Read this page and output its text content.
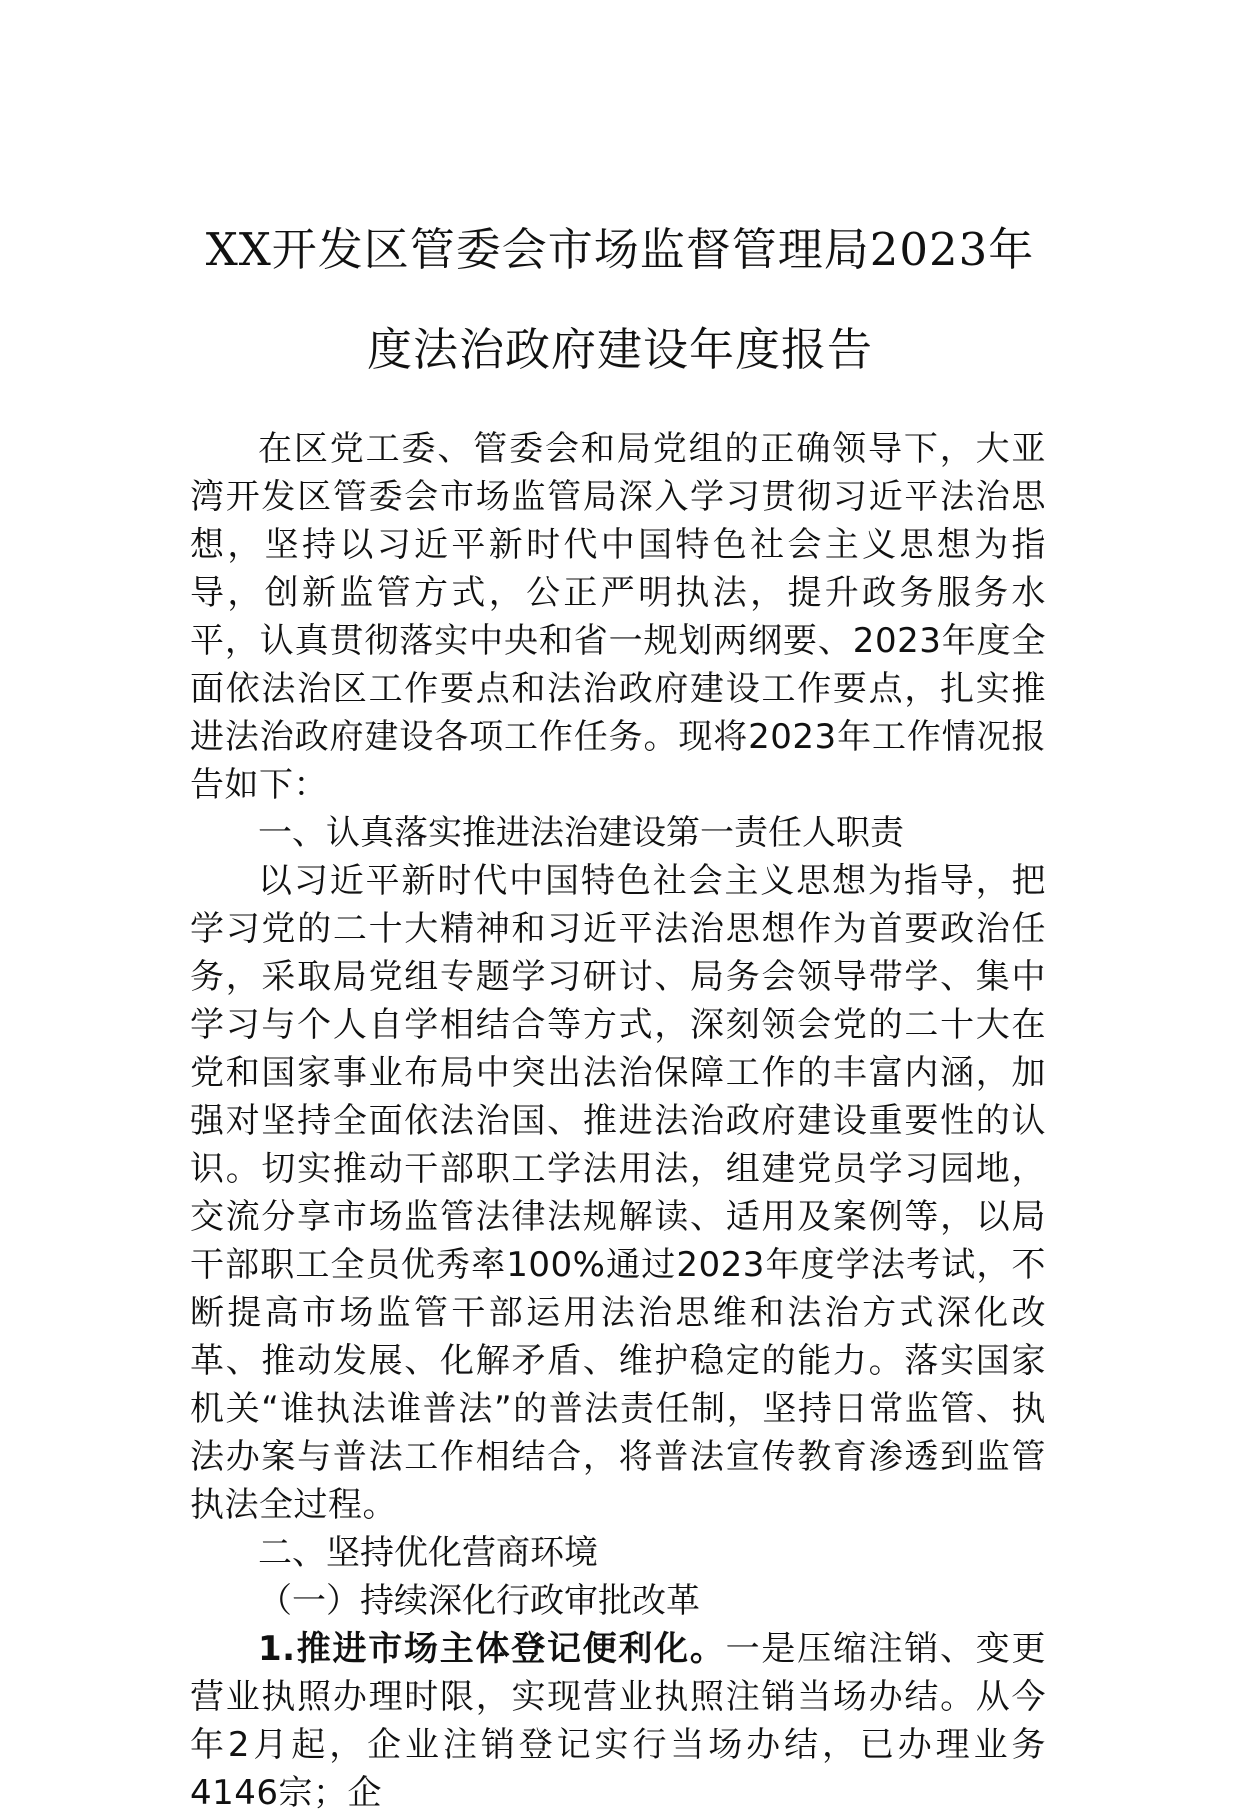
XX开发区管委会市场监督管理局2023年

度法治政府建设年度报告

在区党工委、管委会和局党组的正确领导下，大亚湾开发区管委会市场监管局深入学习贯彻习近平法治思想，坚持以习近平新时代中国特色社会主义思想为指导，创新监管方式，公正严明执法，提升政务服务水平，认真贯彻落实中央和省一规划两纲要、2023年度全面依法治区工作要点和法治政府建设工作要点，扎实推进法治政府建设各项工作任务。现将2023年工作情况报告如下：

一、认真落实推进法治建设第一责任人职责

以习近平新时代中国特色社会主义思想为指导，把学习党的二十大精神和习近平法治思想作为首要政治任务，采取局党组专题学习研讨、局务会领导带学、集中学习与个人自学相结合等方式，深刻领会党的二十大在党和国家事业布局中突出法治保障工作的丰富内涵，加强对坚持全面依法治国、推进法治政府建设重要性的认识。切实推动干部职工学法用法，组建党员学习园地，交流分享市场监管法律法规解读、适用及案例等，以局干部职工全员优秀率100%通过2023年度学法考试，不断提高市场监管干部运用法治思维和法治方式深化改革、推动发展、化解矛盾、维护稳定的能力。落实国家机关“谁执法谁普法”的普法责任制，坚持日常监管、执法办案与普法工作相结合，将普法宣传教育渗透到监管执法全过程。

二、坚持优化营商环境

（一）持续深化行政审批改革

1.推进市场主体登记便利化。一是压缩注销、变更营业执照办理时限，实现营业执照注销当场办结。从今年2月起，企业注销登记实行当场办结，已办理业务4146宗；企
